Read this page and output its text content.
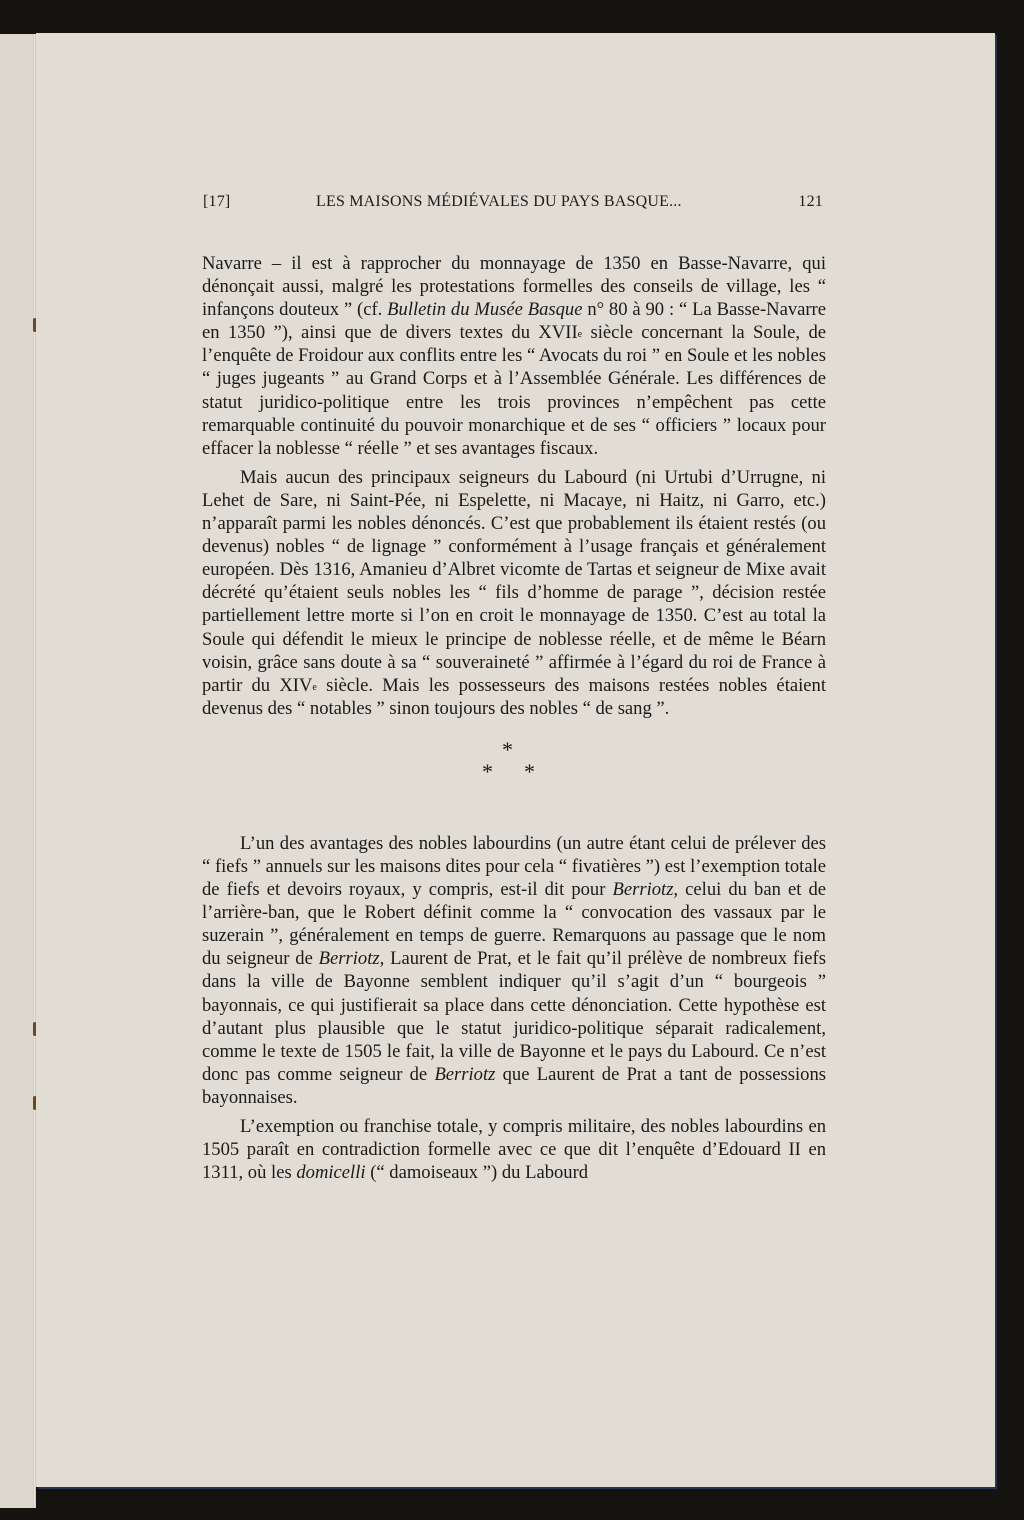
[17]	LES MAISONS MÉDIÉVALES DU PAYS BASQUE...	121

Navarre – il est à rapprocher du monnayage de 1350 en Basse-Navarre, qui dénonçait aussi, malgré les protestations formelles des conseils de village, les “ infançons douteux ” (cf. Bulletin du Musée Basque n° 80 à 90 : “ La Basse-Navarre en 1350 ”), ainsi que de divers textes du XVIIe siècle concernant la Soule, de l’enquête de Froidour aux conflits entre les “ Avocats du roi ” en Soule et les nobles “ juges jugeants ” au Grand Corps et à l’Assemblée Générale. Les différences de statut juridico-politique entre les trois provinces n’empêchent pas cette remarquable continuité du pouvoir monarchique et de ses “ officiers ” locaux pour effacer la noblesse “ réelle ” et ses avantages fiscaux.

Mais aucun des principaux seigneurs du Labourd (ni Urtubi d’Urrugne, ni Lehet de Sare, ni Saint-Pée, ni Espelette, ni Macaye, ni Haitz, ni Garro, etc.) n’apparaît parmi les nobles dénoncés. C’est que probablement ils étaient restés (ou devenus) nobles “ de lignage ” conformément à l’usage français et généralement européen. Dès 1316, Amanieu d’Albret vicomte de Tartas et seigneur de Mixe avait décrété qu’étaient seuls nobles les “ fils d’homme de parage ”, décision restée partiellement lettre morte si l’on en croit le monnayage de 1350. C’est au total la Soule qui défendit le mieux le principe de noblesse réelle, et de même le Béarn voisin, grâce sans doute à sa “ souveraineté ” affirmée à l’égard du roi de France à partir du XIVe siècle. Mais les possesseurs des maisons restées nobles étaient devenus des “ notables ” sinon toujours des nobles “ de sang ”.

*
* *

L’un des avantages des nobles labourdins (un autre étant celui de prélever des “ fiefs ” annuels sur les maisons dites pour cela “ fivatières ”) est l’exemption totale de fiefs et devoirs royaux, y compris, est-il dit pour Berriotz, celui du ban et de l’arrière-ban, que le Robert définit comme la “ convocation des vassaux par le suzerain ”, généralement en temps de guerre. Remarquons au passage que le nom du seigneur de Berriotz, Laurent de Prat, et le fait qu’il prélève de nombreux fiefs dans la ville de Bayonne semblent indiquer qu’il s’agit d’un “ bourgeois ” bayonnais, ce qui justifierait sa place dans cette dénonciation. Cette hypothèse est d’autant plus plausible que le statut juridico-politique séparait radicalement, comme le texte de 1505 le fait, la ville de Bayonne et le pays du Labourd. Ce n’est donc pas comme seigneur de Berriotz que Laurent de Prat a tant de possessions bayonnaises.

L’exemption ou franchise totale, y compris militaire, des nobles labourdins en 1505 paraît en contradiction formelle avec ce que dit l’enquête d’Edouard II en 1311, où les domicelli (“ damoiseaux ”) du Labourd
